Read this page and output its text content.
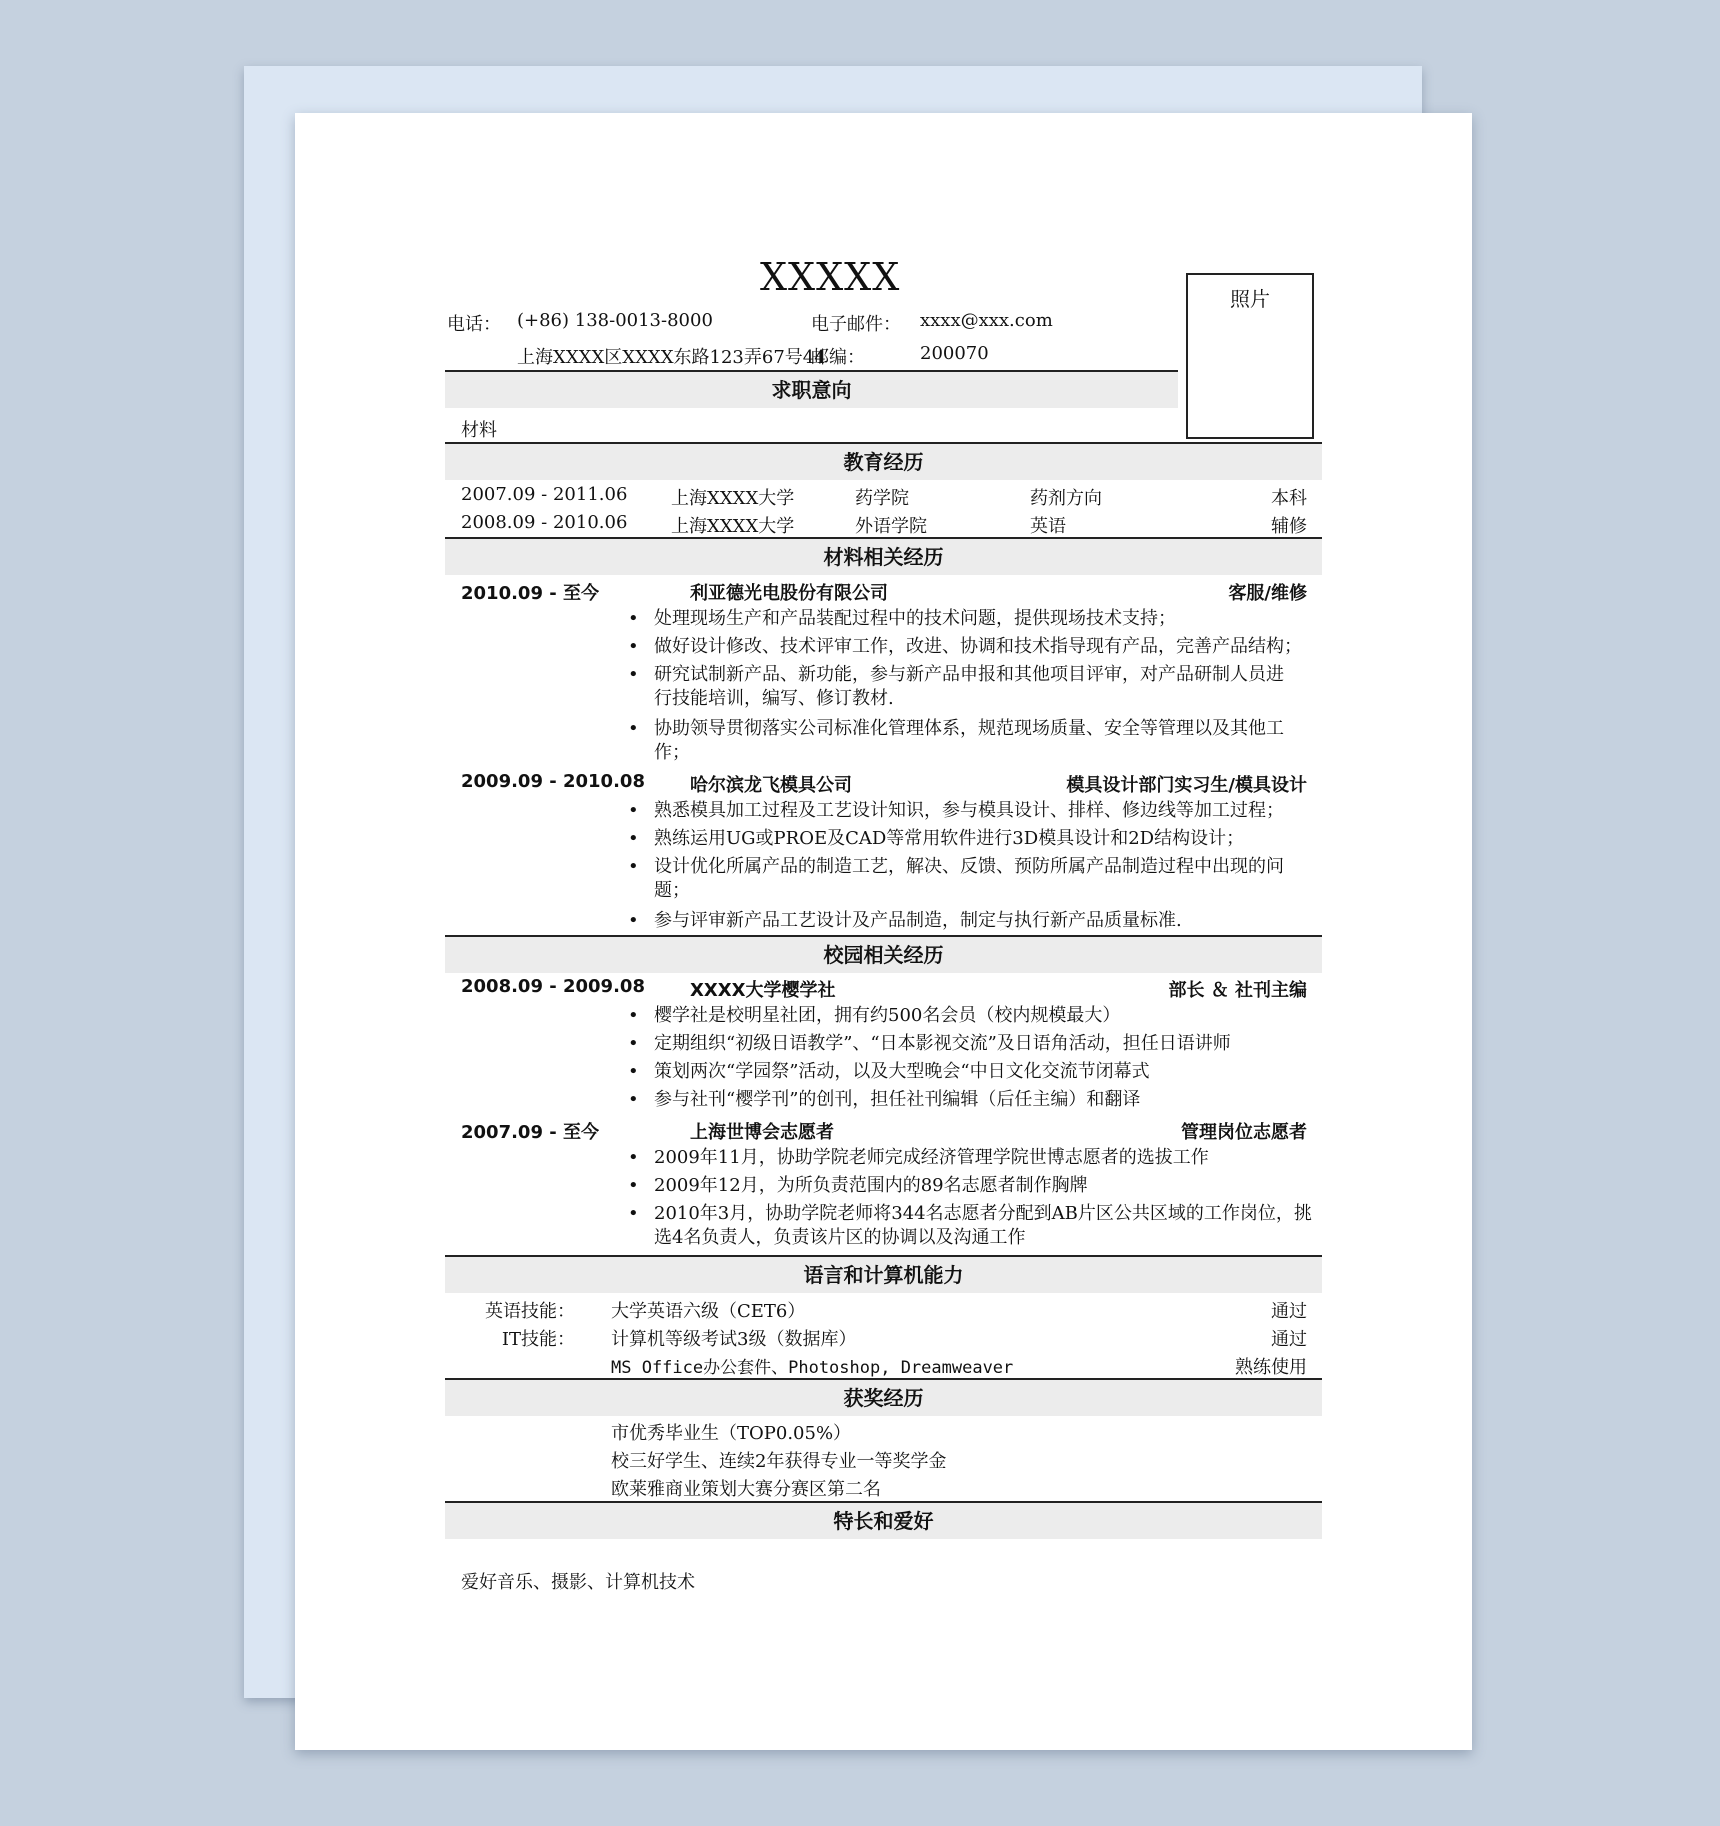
XXXXX	照片
电话： (+86) 138-0013-8000	电子邮件： xxxx@xxx.com
上海XXXX区XXXX东路123弄67号44
邮编：	200070
求职意向
材料
教育经历
2007.09 - 2011.06 上海XXXX大学	药学院	药剂方向	本科
2008.09 - 2010.06 上海XXXX大学	外语学院	英语	辅修
材料相关经历
2010.09 - 至今	利亚德光电股份有限公司	客服/维修
• 处理现场生产和产品装配过程中的技术问题，提供现场技术支持；
• 做好设计修改、技术评审工作，改进、协调和技术指导现有产品，完善产品结构；
• 研究试制新产品、新功能，参与新产品申报和其他项目评审，对产品研制人员进
行技能培训，编写、修订教材.
• 协助领导贯彻落实公司标准化管理体系，规范现场质量、安全等管理以及其他工
作；
2009.09 - 2010.08	哈尔滨龙飞模具公司	模具设计部门实习生/模具设计
• 熟悉模具加工过程及工艺设计知识，参与模具设计、排样、修边线等加工过程；
• 熟练运用UG或PROE及CAD等常用软件进行3D模具设计和2D结构设计；
• 设计优化所属产品的制造工艺，解决、反馈、预防所属产品制造过程中出现的问
题；
• 参与评审新产品工艺设计及产品制造，制定与执行新产品质量标准.
校园相关经历
2008.09 - 2009.08	XXXX大学樱学社	部长 ＆ 社刊主编
• 樱学社是校明星社团，拥有约500名会员（校内规模最大）
• 定期组织“初级日语教学”、“日本影视交流”及日语角活动，担任日语讲师
• 策划两次“学园祭”活动，以及大型晚会“中日文化交流节闭幕式
• 参与社刊“樱学刊”的创刊，担任社刊编辑（后任主编）和翻译
2007.09 - 至今	上海世博会志愿者	管理岗位志愿者
• 2009年11月，协助学院老师完成经济管理学院世博志愿者的选拔工作
• 2009年12月，为所负责范围内的89名志愿者制作胸牌
• 2010年3月，协助学院老师将344名志愿者分配到AB片区公共区域的工作岗位，挑
选4名负责人，负责该片区的协调以及沟通工作
语言和计算机能力
英语技能： 大学英语六级（CET6）	通过
IT技能： 计算机等级考试3级（数据库）	通过
MS Office办公套件、Photoshop, Dreamweaver	熟练使用
获奖经历
市优秀毕业生（TOP0.05%）
校三好学生、连续2年获得专业一等奖学金
欧莱雅商业策划大赛分赛区第二名
特长和爱好
爱好音乐、摄影、计算机技术
